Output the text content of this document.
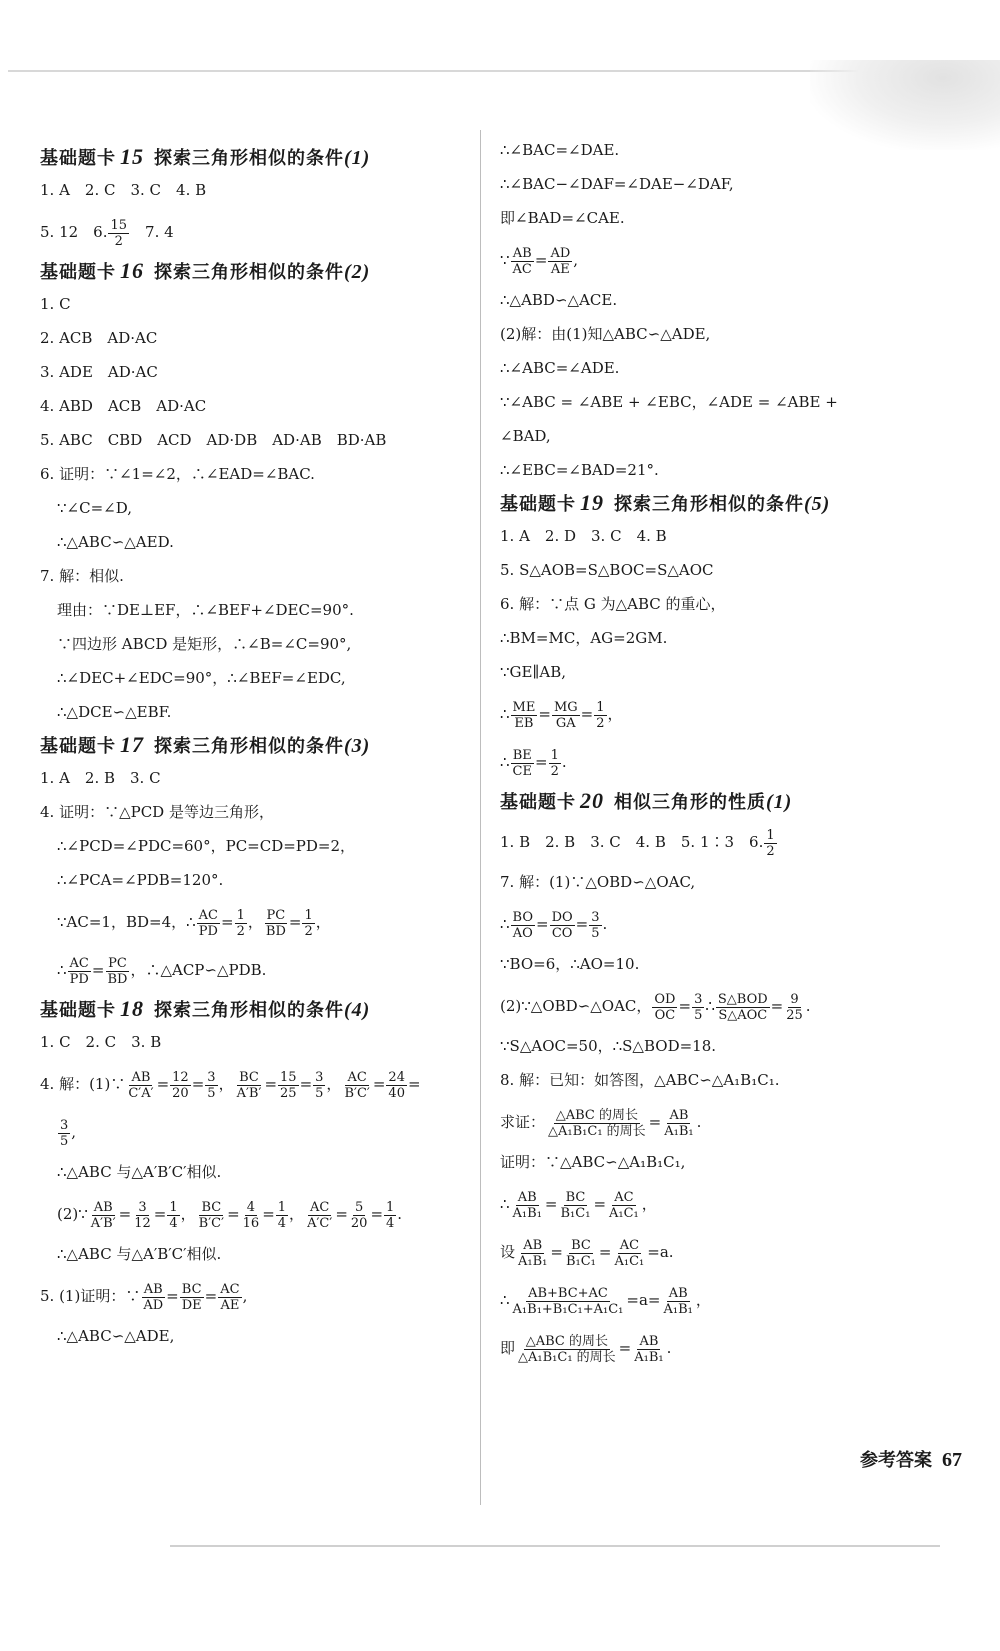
基础题卡 15 探索三角形相似的条件(1)
1. A　2. C　3. C　4. B
5. 12　6. $\frac{15}{2}$ 　7. 4
基础题卡 16 探索三角形相似的条件(2)
1. C
2. ACB　AD·AC
3. ADE　AD·AC
4. ABD　ACB　AD·AC
5. ABC　CBD　ACD　AD·DB　AD·AB　BD·AB
6. 证明：∵∠1=∠2，∴∠EAD=∠BAC.
∵∠C=∠D,
∴△ABC∽△AED.
7. 解：相似.
理由：∵DE⊥EF，∴∠BEF+∠DEC=90°.
∵四边形 ABCD 是矩形，∴∠B=∠C=90°,
∴∠DEC+∠EDC=90°，∴∠BEF=∠EDC,
∴△DCE∽△EBF.
基础题卡 17 探索三角形相似的条件(3)
1. A　2. B　3. C
4. 证明：∵△PCD 是等边三角形，
∴∠PCD=∠PDC=60°，PC=CD=PD=2，
∴∠PCA=∠PDB=120°.
∵AC=1，BD=4，∴ $\frac{AC}{PD} = \frac{1}{2}$ ， $\frac{PC}{BD} = \frac{1}{2}$ ，
∴ $\frac{AC}{PD} = \frac{PC}{BD}$ ，∴△ACP∽△PDB.
基础题卡 18 探索三角形相似的条件(4)
1. C　2. C　3. B
4. 解：(1)∵ $\frac{AB}{C'A'} = \frac{12}{20} = \frac{3}{5}$ ， $\frac{BC}{A'B'} = \frac{15}{25} = \frac{3}{5}$ ， $\frac{AC}{B'C'} = \frac{24}{40}$ =
$\frac{3}{5}$ ,
∴△ABC 与△A′B′C′相似.
(2)∵ $\frac{AB}{A'B'} = \frac{3}{12} = \frac{1}{4}$ ， $\frac{BC}{B'C'} = \frac{4}{16} = \frac{1}{4}$ ， $\frac{AC}{A'C'} = \frac{5}{20} = \frac{1}{4}$ .
∴△ABC 与△A′B′C′相似.
5. (1)证明：∵ $\frac{AB}{AD} = \frac{BC}{DE} = \frac{AC}{AE}$ ,
∴△ABC∽△ADE,
∴∠BAC=∠DAE.
∴∠BAC−∠DAF=∠DAE−∠DAF,
即∠BAD=∠CAE.
∵ $\frac{AB}{AC} = \frac{AD}{AE}$ ,
∴△ABD∽△ACE.
(2)解：由(1)知△ABC∽△ADE,
∴∠ABC=∠ADE.
∵∠ABC = ∠ABE + ∠EBC，∠ADE = ∠ABE +
∠BAD,
∴∠EBC=∠BAD=21°.
基础题卡 19 探索三角形相似的条件(5)
1. A　2. D　3. C　4. B
5. S△AOB=S△BOC=S△AOC
6. 解：∵点 G 为△ABC 的重心，
∴BM=MC，AG=2GM.
∵GE∥AB,
∴ $\frac{ME}{EB} = \frac{MG}{GA} = \frac{1}{2}$ ，
∴ $\frac{BE}{CE} = \frac{1}{2}$ .
基础题卡 20 相似三角形的性质(1)
1. B　2. B　3. C　4. B　5. 1∶3　6. $\frac{1}{2}$
7. 解：(1)∵△OBD∽△OAC,
∴ $\frac{BO}{AO} = \frac{DO}{CO} = \frac{3}{5}$ .
∵BO=6，∴AO=10.
(2)∵△OBD∽△OAC， $\frac{OD}{OC} = \frac{3}{5}$ ∴ S△BOD
S△AOC = $\frac{9}{25}$ .
∵S△AOC=50，∴S△BOD=18.
8. 解：已知：如答图，△ABC∽△A₁B₁C₁.
求证： △ABC 的周长
△A₁B₁C₁ 的周长 = $\frac{AB}{\text{A₁B₁}}$ .
证明：∵△ABC∽△A₁B₁C₁,
∴ $\frac{AB}{\text{A₁B₁}} = \frac{BC}{\text{B₁C₁}} = \frac{AC}{\text{A₁C₁}}$ ，
设 $\frac{AB}{\text{A₁B₁}} = \frac{BC}{\text{B₁C₁}} = \frac{AC}{\text{A₁C₁}} =a$.
∴ $\frac{AB+BC+AC}{\text{A₁B₁+B₁C₁+A₁C₁}} =a= \frac{AB}{\text{A₁B₁}}$ ，
即 △ABC 的周长
△A₁B₁C₁ 的周长 = $\frac{AB}{\text{A₁B₁}}$ .
参考答案 67
